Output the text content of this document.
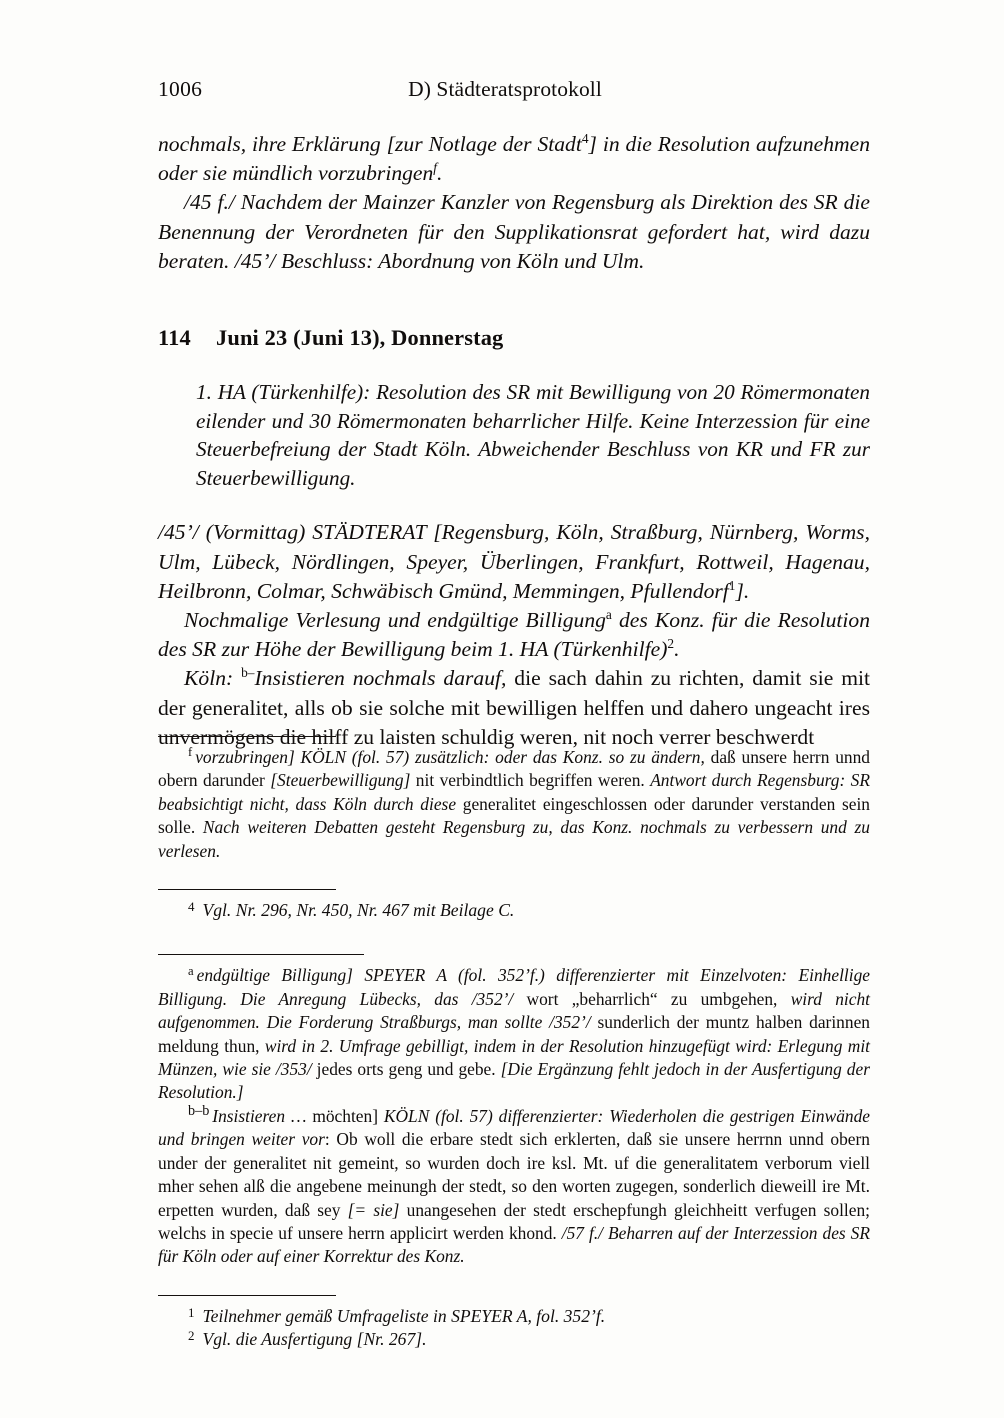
1006	D) Städteratsprotokoll

nochmals, ihre Erklärung [zur Notlage der Stadt$^4$] in die Resolution aufzunehmen oder sie mündlich vorzubringen$^f$.

/45 f./ Nachdem der Mainzer Kanzler von Regensburg als Direktion des SR die Benennung der Verordneten für den Supplikationsrat gefordert hat, wird dazu beraten. /45’/ Beschluss: Abordnung von Köln und Ulm.

114 Juni 23 (Juni 13), Donnerstag

1. HA (Türkenhilfe): Resolution des SR mit Bewilligung von 20 Römermonaten eilender und 30 Römermonaten beharrlicher Hilfe. Keine Interzession für eine Steuerbefreiung der Stadt Köln. Abweichender Beschluss von KR und FR zur Steuerbewilligung.

/45’/ (Vormittag) STÄDTERAT [Regensburg, Köln, Straßburg, Nürnberg, Worms, Ulm, Lübeck, Nördlingen, Speyer, Überlingen, Frankfurt, Rottweil, Hagenau, Heilbronn, Colmar, Schwäbisch Gmünd, Memmingen, Pfullendorf$^1$].

Nochmalige Verlesung und endgültige Billigung$^a$ des Konz. für die Resolution des SR zur Höhe der Bewilligung beim 1. HA (Türkenhilfe)$^2$.

Köln: $^{b-}$Insistieren nochmals darauf, die sach dahin zu richten, damit sie mit der generalitet, alls ob sie solche mit bewilligen helffen und dahero ungeacht ires unvermögens die hilff zu laisten schuldig weren, nit noch verrer beschwerdt

$^f$ vorzubringen] KÖLN (fol. 57) zusätzlich: oder das Konz. so zu ändern, daß unsere herrn unnd obern darunder [Steuerbewilligung] nit verbindtlich begriffen weren. Antwort durch Regensburg: SR beabsichtigt nicht, dass Köln durch diese generalitet eingeschlossen oder darunder verstanden sein solle. Nach weiteren Debatten gesteht Regensburg zu, das Konz. nochmals zu verbessern und zu verlesen.

4 Vgl. Nr. 296, Nr. 450, Nr. 467 mit Beilage C.

$^a$ endgültige Billigung] SPEYER A (fol. 352’f.) differenzierter mit Einzelvoten: Einhellige Billigung. Die Anregung Lübecks, das /352’/ wort „beharrlich“ zu umbgehen, wird nicht aufgenommen. Die Forderung Straßburgs, man sollte /352’/ sunderlich der muntz halben darinnen meldung thun, wird in 2. Umfrage gebilligt, indem in der Resolution hinzugefügt wird: Erlegung mit Münzen, wie sie /353/ jedes orts geng und gebe. [Die Ergänzung fehlt jedoch in der Ausfertigung der Resolution.]

$^{b-b}$ Insistieren … möchten] KÖLN (fol. 57) differenzierter: Wiederholen die gestrigen Einwände und bringen weiter vor: Ob woll die erbare stedt sich erklerten, daß sie unsere herrnn unnd obern under der generalitet nit gemeint, so wurden doch ire ksl. Mt. uf die generalitatem verborum viell mher sehen alß die angebene meinungh der stedt, so den worten zugegen, sonderlich dieweill ire Mt. erpetten wurden, daß sey [= sie] unangesehen der stedt erschepfungh gleichheitt verfugen sollen; welchs in specie uf unsere herrn applicirt werden khond. /57 f./ Beharren auf der Interzession des SR für Köln oder auf einer Korrektur des Konz.

1 Teilnehmer gemäß Umfrageliste in SPEYER A, fol. 352’f.
2 Vgl. die Ausfertigung [Nr. 267].
